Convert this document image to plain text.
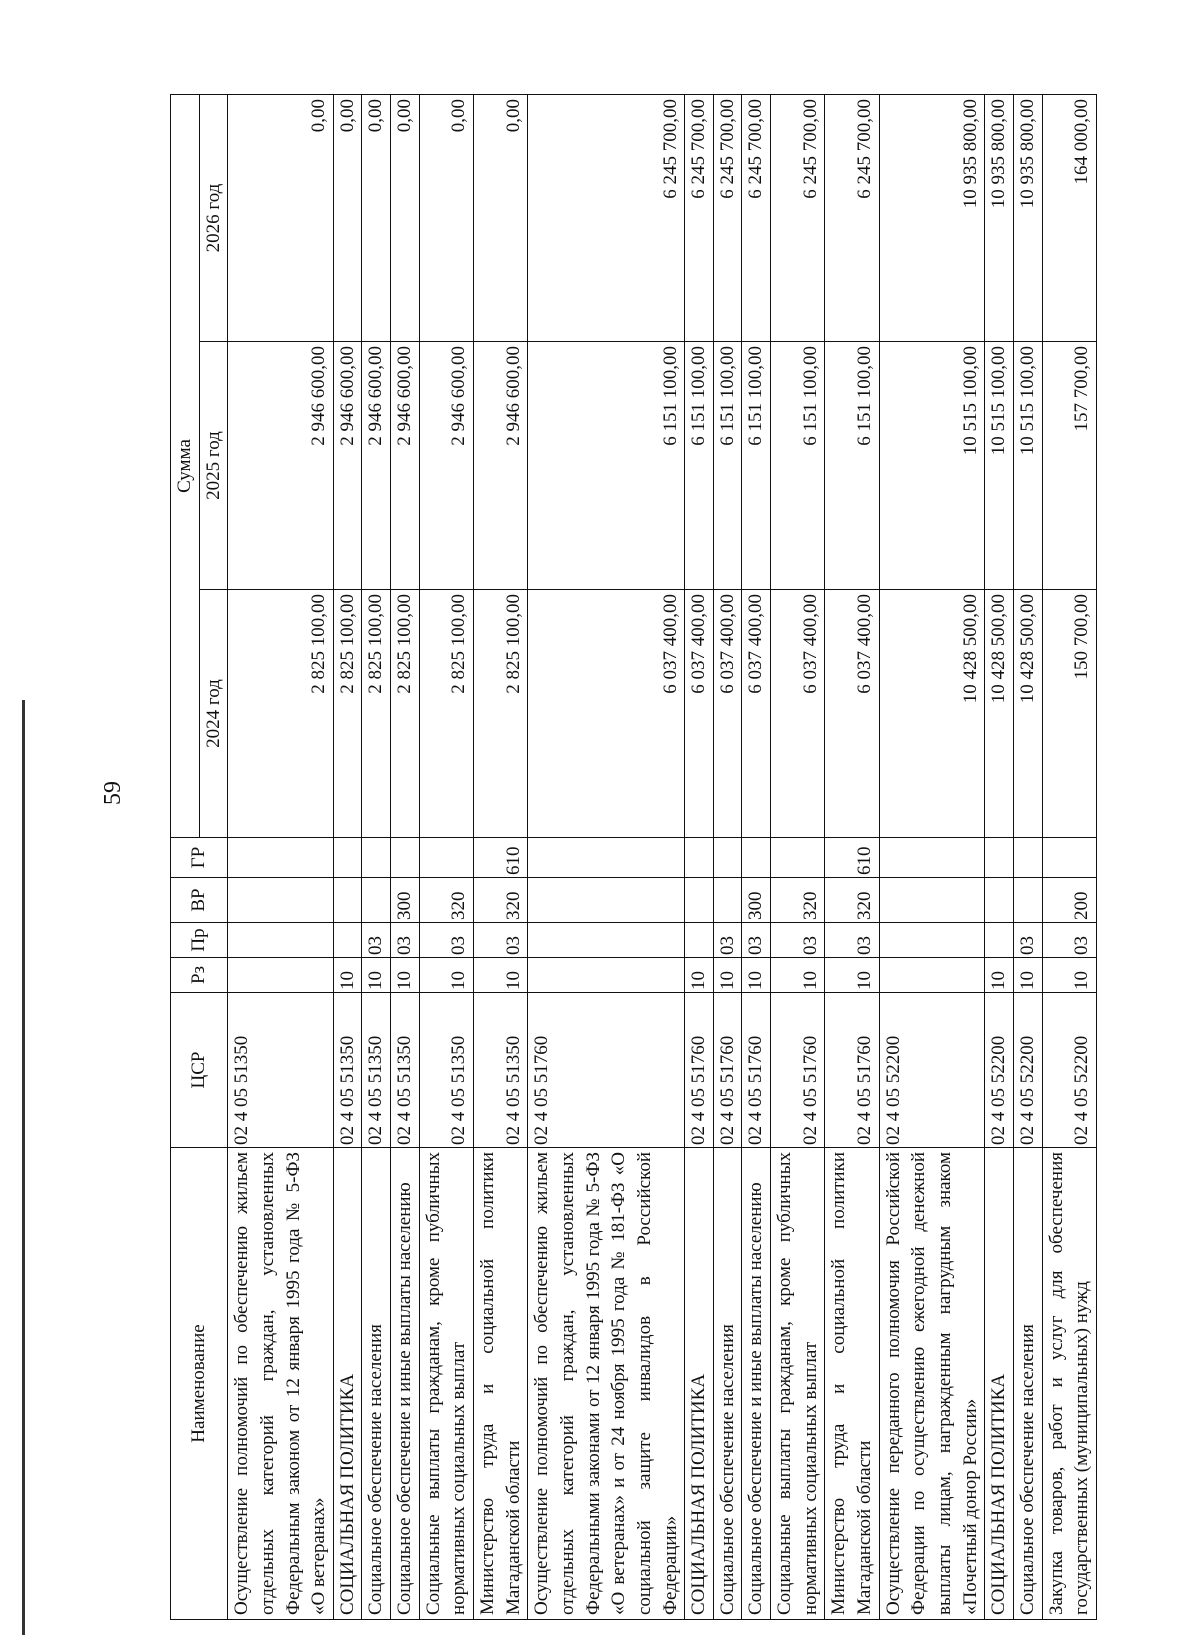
59
Наименование	ЦСР	Рз	Пр	ВР	ГР	Сумма		
						2024 год	2025 год	2026 год
Осуществление полномочий по обеспечению жильем отдельных категорий граждан, установленных Федеральным законом от 12 января 1995 года № 5-ФЗ «О ветеранах»	02 4 05 51350					2 825 100,00	2 946 600,00	0,00
СОЦИАЛЬНАЯ ПОЛИТИКА	02 4 05 51350	10				2 825 100,00	2 946 600,00	0,00
Социальное обеспечение населения	02 4 05 51350	10	03			2 825 100,00	2 946 600,00	0,00
Социальное обеспечение и иные выплаты населению	02 4 05 51350	10	03	300		2 825 100,00	2 946 600,00	0,00
Социальные выплаты гражданам, кроме публичных нормативных социальных выплат	02 4 05 51350	10	03	320		2 825 100,00	2 946 600,00	0,00
Министерство труда и социальной политики Магаданской области	02 4 05 51350	10	03	320	610	2 825 100,00	2 946 600,00	0,00
Осуществление полномочий по обеспечению жильем отдельных категорий граждан, установленных Федеральными законами от 12 января 1995 года № 5-ФЗ «О ветеранах» и от 24 ноября 1995 года № 181-ФЗ «О социальной защите инвалидов в Российской Федерации»	02 4 05 51760					6 037 400,00	6 151 100,00	6 245 700,00
СОЦИАЛЬНАЯ ПОЛИТИКА	02 4 05 51760	10				6 037 400,00	6 151 100,00	6 245 700,00
Социальное обеспечение населения	02 4 05 51760	10	03			6 037 400,00	6 151 100,00	6 245 700,00
Социальное обеспечение и иные выплаты населению	02 4 05 51760	10	03	300		6 037 400,00	6 151 100,00	6 245 700,00
Социальные выплаты гражданам, кроме публичных нормативных социальных выплат	02 4 05 51760	10	03	320		6 037 400,00	6 151 100,00	6 245 700,00
Министерство труда и социальной политики Магаданской области	02 4 05 51760	10	03	320	610	6 037 400,00	6 151 100,00	6 245 700,00
Осуществление переданного полномочия Российской Федерации по осуществлению ежегодной денежной выплаты лицам, награжденным нагрудным знаком «Почетный донор России»	02 4 05 52200					10 428 500,00	10 515 100,00	10 935 800,00
СОЦИАЛЬНАЯ ПОЛИТИКА	02 4 05 52200	10				10 428 500,00	10 515 100,00	10 935 800,00
Социальное обеспечение населения	02 4 05 52200	10	03			10 428 500,00	10 515 100,00	10 935 800,00
Закупка товаров, работ и услуг для обеспечения государственных (муниципальных) нужд	02 4 05 52200	10	03	200		150 700,00	157 700,00	164 000,00
